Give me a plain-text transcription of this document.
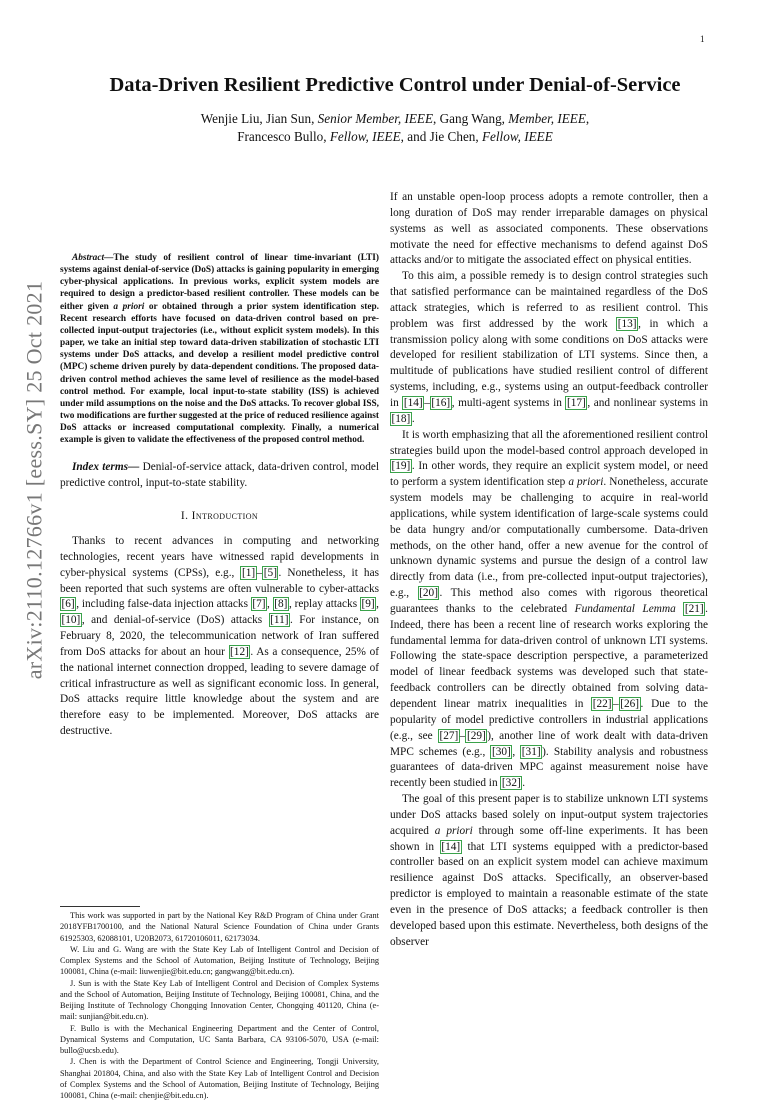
1
arXiv:2110.12766v1 [eess.SY] 25 Oct 2021
Data-Driven Resilient Predictive Control under Denial-of-Service
Wenjie Liu, Jian Sun, Senior Member, IEEE, Gang Wang, Member, IEEE,
Francesco Bullo, Fellow, IEEE, and Jie Chen, Fellow, IEEE

Abstract—The study of resilient control of linear time-invariant (LTI) systems against denial-of-service (DoS) attacks is gaining popularity in emerging cyber-physical applications. In previous works, explicit system models are required to design a predictor-based resilient controller. These models can be either given a priori or obtained through a prior system identification step. Recent research efforts have focused on data-driven control based on pre-collected input-output trajectories (i.e., without explicit system models). In this paper, we take an initial step toward data-driven stabilization of stochastic LTI systems under DoS attacks, and develop a resilient model predictive control (MPC) scheme driven purely by data-dependent conditions. The proposed data-driven control method achieves the same level of resilience as the model-based control method. For example, local input-to-state stability (ISS) is achieved under mild assumptions on the noise and the DoS attacks. To recover global ISS, two modifications are further suggested at the price of reduced resilience against DoS attacks or increased computational complexity. Finally, a numerical example is given to validate the effectiveness of the proposed control method.

Index terms— Denial-of-service attack, data-driven control, model predictive control, input-to-state stability.

I. Introduction

Thanks to recent advances in computing and networking technologies, recent years have witnessed rapid developments in cyber-physical systems (CPSs), e.g., [1] – [5] . Nonetheless, it has been reported that such systems are often vulnerable to cyber-attacks [6] , including false-data injection attacks [7] , [8] , replay attacks [9] , [10] , and denial-of-service (DoS) attacks [11] . For instance, on February 8, 2020, the telecommunication network of Iran suffered from DoS attacks for about an hour [12] . As a consequence, 25% of the national internet connection dropped, leading to severe damage of critical infrastructure as well as significant economic loss. In general, DoS attacks require little knowledge about the system and are therefore easy to be implemented. Moreover, DoS attacks are destructive.

This work was supported in part by the National Key R&D Program of China under Grant 2018YFB1700100, and the National Natural Science Foundation of China under Grants 61925303, 62088101, U20B2073, 61720106011, 62173034.

W. Liu and G. Wang are with the State Key Lab of Intelligent Control and Decision of Complex Systems and the School of Automation, Beijing Institute of Technology, Beijing 100081, China (e-mail: liuwenjie@bit.edu.cn; gangwang@bit.edu.cn).

J. Sun is with the State Key Lab of Intelligent Control and Decision of Complex Systems and the School of Automation, Beijing Institute of Technology, Beijing 100081, China, and the Beijing Institute of Technology Chongqing Innovation Center, Chongqing 401120, China (e-mail: sunjian@bit.edu.cn).

F. Bullo is with the Mechanical Engineering Department and the Center of Control, Dynamical Systems and Computation, UC Santa Barbara, CA 93106-5070, USA (e-mail: bullo@ucsb.edu).

J. Chen is with the Department of Control Science and Engineering, Tongji University, Shanghai 201804, China, and also with the State Key Lab of Intelligent Control and Decision of Complex Systems and the School of Automation, Beijing Institute of Technology, Beijing 100081, China (e-mail: chenjie@bit.edu.cn).

If an unstable open-loop process adopts a remote controller, then a long duration of DoS may render irreparable damages on physical systems as well as associated components. These observations motivate the need for effective mechanisms to defend against DoS attacks and/or to mitigate the associated effect on physical entities.

To this aim, a possible remedy is to design control strategies such that satisfied performance can be maintained regardless of the DoS attack strategies, which is referred to as resilient control. This problem was first addressed by the work [13] , in which a transmission policy along with some conditions on DoS attacks were developed for resilient stabilization of LTI systems. Since then, a multitude of publications have studied resilient control of different systems, including, e.g., systems using an output-feedback controller in [14] – [16] , multi-agent systems in [17] , and nonlinear systems in [18] .

It is worth emphasizing that all the aforementioned resilient control strategies build upon the model-based control approach developed in [19] . In other words, they require an explicit system model, or need to perform a system identification step a priori. Nonetheless, accurate system models may be challenging to acquire in real-world applications, while system identification of large-scale systems could be data hungry and/or computationally cumbersome. Data-driven methods, on the other hand, offer a new avenue for the control of unknown dynamic systems and pursue the design of a control law directly from data (i.e., from pre-collected input-output trajectories), e.g., [20] . This method also comes with rigorous theoretical guarantees thanks to the celebrated Fundamental Lemma [21] . Indeed, there has been a recent line of research works exploring the fundamental lemma for data-driven control of unknown LTI systems. Following the state-space description perspective, a parameterized model of linear feedback systems was developed such that state-feedback controllers can be directly obtained from solving data-dependent linear matrix inequalities in [22] – [26] . Due to the popularity of model predictive controllers in industrial applications (e.g., see [27] – [29] ), another line of work dealt with data-driven MPC schemes (e.g., [30] , [31] ). Stability analysis and robustness guarantees of data-driven MPC against measurement noise have recently been studied in [32] .

The goal of this present paper is to stabilize unknown LTI systems under DoS attacks based solely on input-output system trajectories acquired a priori through some off-line experiments. It has been shown in [14] that LTI systems equipped with a predictor-based controller based on an explicit system model can achieve maximum resilience against DoS attacks. Specifically, an observer-based predictor is employed to maintain a reasonable estimate of the state even in the presence of DoS attacks; a feedback controller is then developed based upon this estimate. Nevertheless, both designs of the observer
